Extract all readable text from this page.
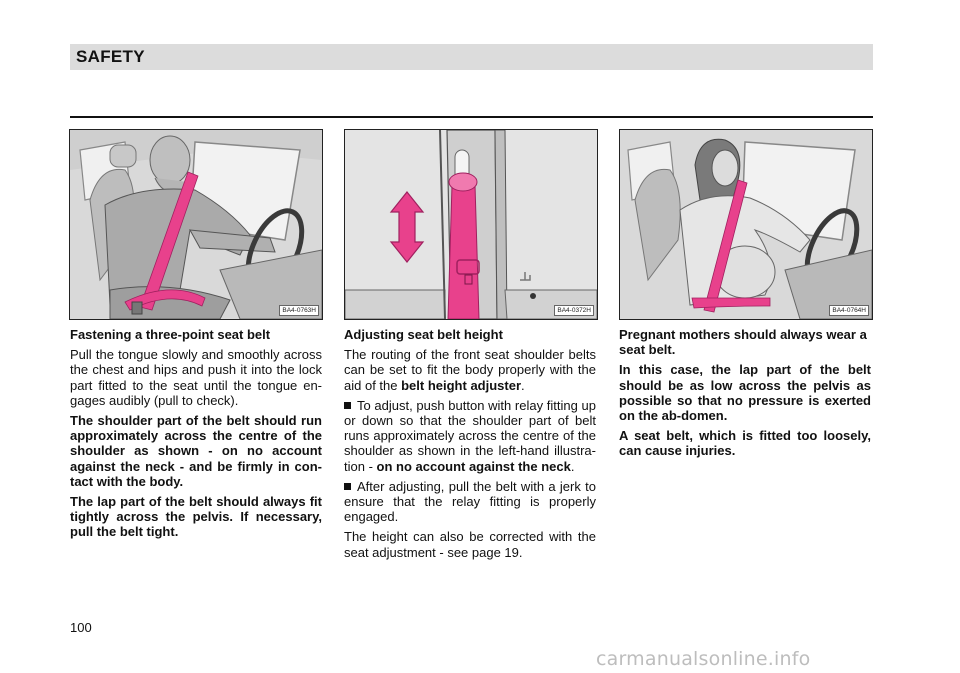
SAFETY
BA4-0763H	BA4-0372H	BA4-0764H
Fastening a three-point seat belt

Pull the tongue slowly and smoothly across the chest and hips and push it into the lock part fitted to the seat until the tongue en-gages audibly (pull to check).

The shoulder part of the belt should run approximately across the centre of the shoulder as shown - on no account against the neck - and be firmly in con-tact with the body.

The lap part of the belt should always fit tightly across the pelvis. If necessary, pull the belt tight.

Adjusting seat belt height

The routing of the front seat shoulder belts can be set to fit the body properly with the aid of the belt height adjuster.

To adjust, push button with relay fitting up or down so that the shoulder part of belt runs approximately across the centre of the shoulder as shown in the left-hand illustra-tion - on no account against the neck.

After adjusting, pull the belt with a jerk to ensure that the relay fitting is properly engaged.

The height can also be corrected with the seat adjustment - see page 19.

Pregnant mothers should always wear a seat belt.

In this case, the lap part of the belt should be as low across the pelvis as possible so that no pressure is exerted on the ab-domen.

A seat belt, which is fitted too loosely, can cause injuries.

100
carmanualsonline.info
